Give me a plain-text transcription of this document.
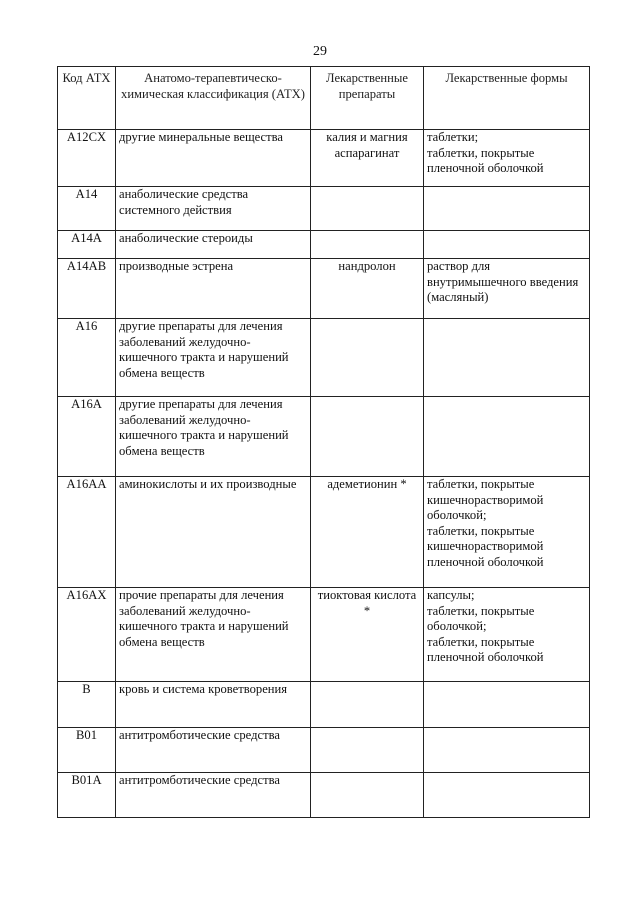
29
Код АТХ	Анатомо-терапевтическо-химическая классификация (АТХ)	Лекарственные препараты	Лекарственные формы
A12CX	другие минеральные вещества	калия и магния аспарагинат	таблетки;
таблетки, покрытые пленочной оболочкой
A14	анаболические средства системного действия		
A14A	анаболические стероиды		
A14AB	производные эстрена	нандролон	раствор для внутримышечного введения (масляный)
A16	другие препараты для лечения заболеваний желудочно-кишечного тракта и нарушений обмена веществ		
A16A	другие препараты для лечения заболеваний желудочно-кишечного тракта и нарушений обмена веществ		
A16AA	аминокислоты и их производные	адеметионин *	таблетки, покрытые кишечнорастворимой оболочкой;
таблетки, покрытые кишечнорастворимой пленочной оболочкой
A16AX	прочие препараты для лечения заболеваний желудочно-кишечного тракта и нарушений обмена веществ	тиоктовая кислота *	капсулы;
таблетки, покрытые оболочкой;
таблетки, покрытые пленочной оболочкой
B	кровь и система кроветворения		
B01	антитромботические средства		
B01A	антитромботические средства		
